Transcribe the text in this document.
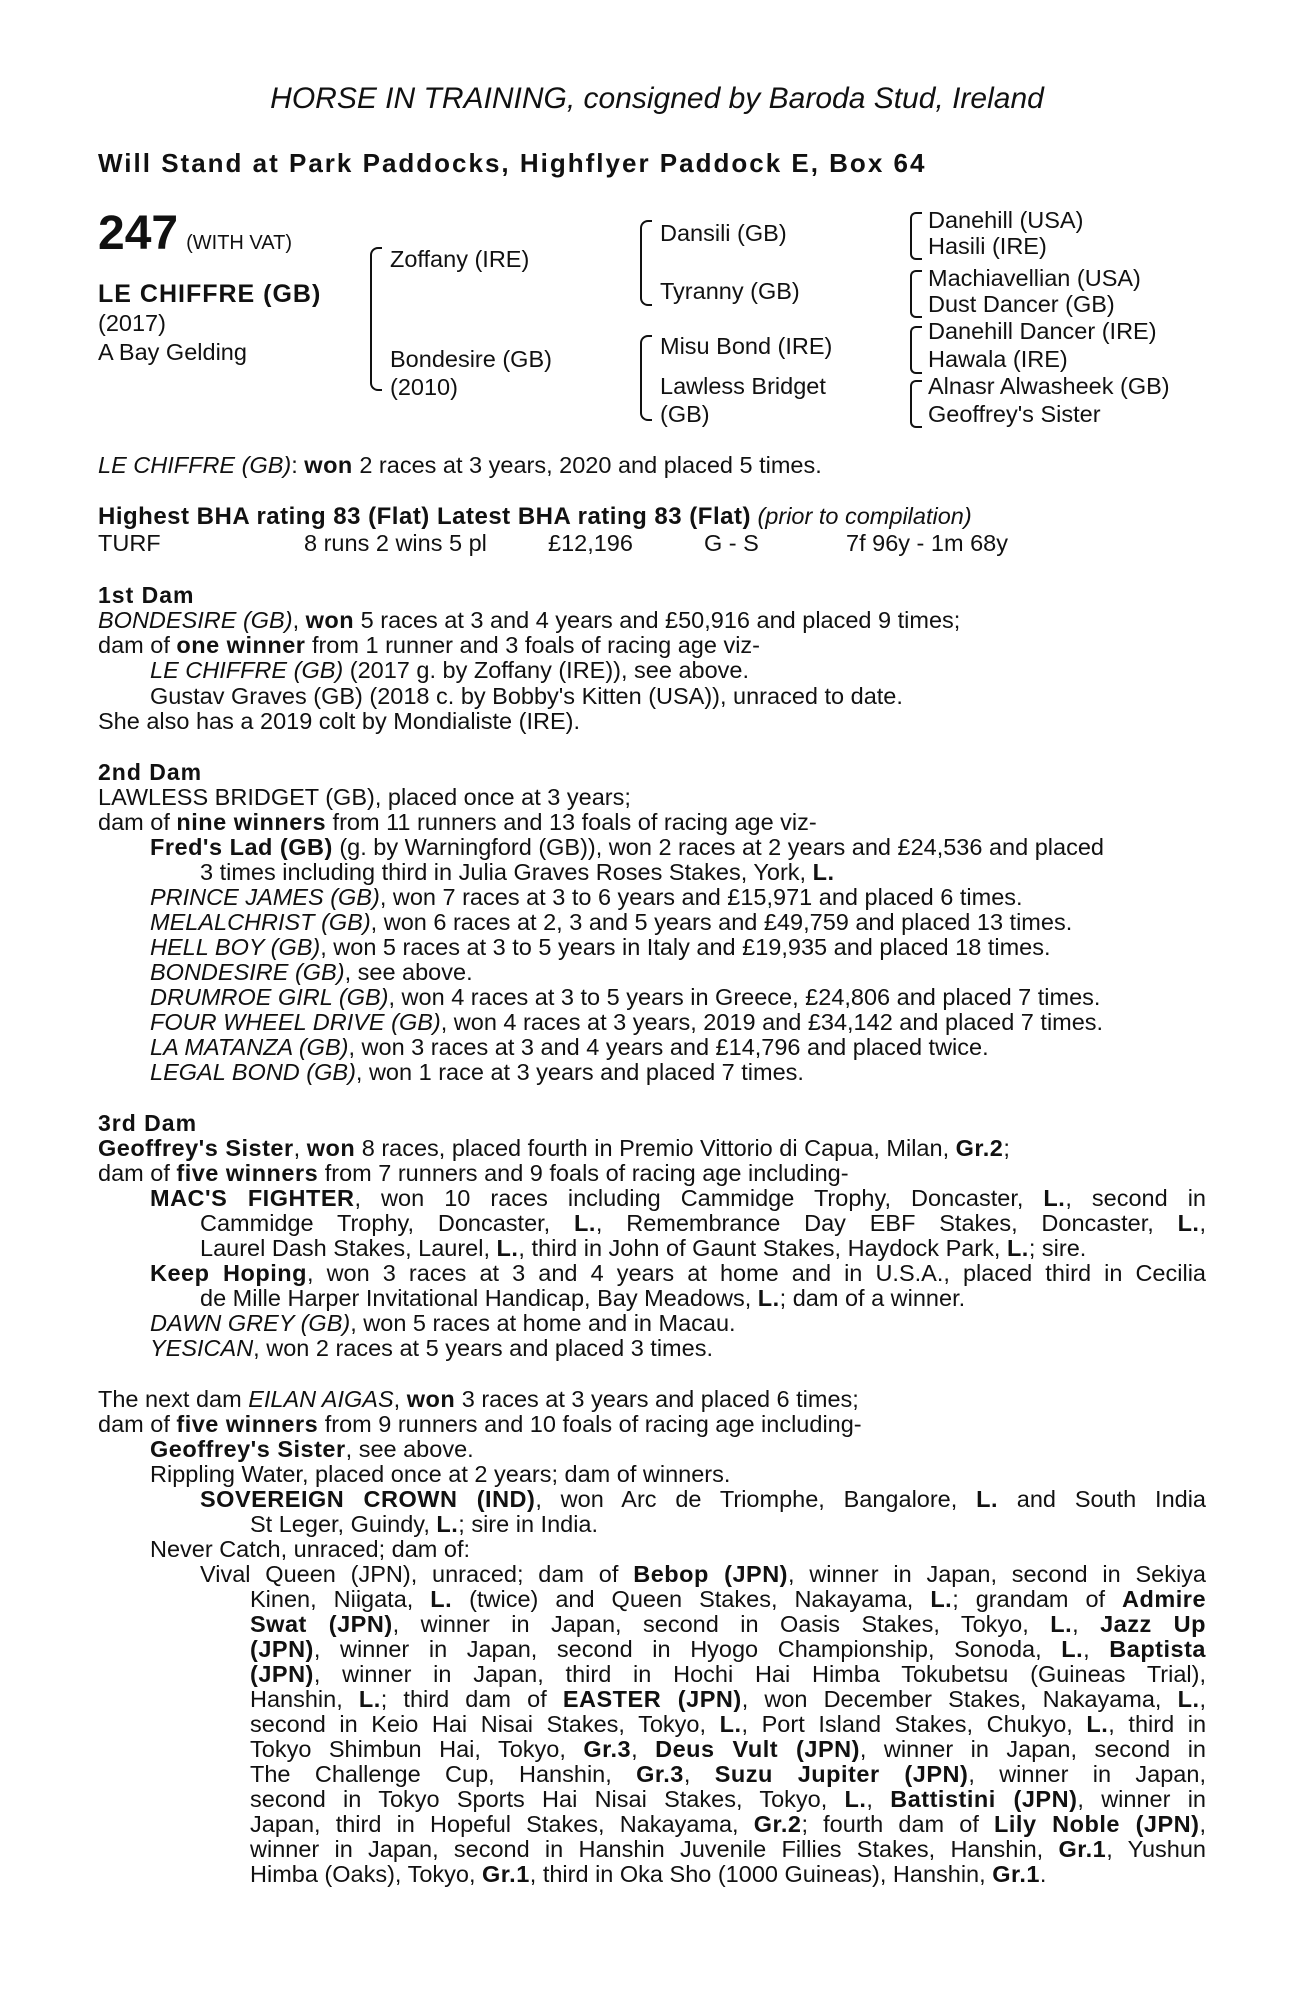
HORSE IN TRAINING, consigned by Baroda Stud, Ireland
Will Stand at Park Paddocks, Highflyer Paddock E, Box 64
247 (WITH VAT)
LE CHIFFRE (GB)
(2017)
A Bay Gelding
Zoffany (IRE)
Bondesire (GB)
(2010)
Dansili (GB)
Tyranny (GB)
Misu Bond (IRE)
Lawless Bridget
(GB)
Danehill (USA)
Hasili (IRE)
Machiavellian (USA)
Dust Dancer (GB)
Danehill Dancer (IRE)
Hawala (IRE)
Alnasr Alwasheek (GB)
Geoffrey's Sister
LE CHIFFRE (GB): won 2 races at 3 years, 2020 and placed 5 times.
Highest BHA rating 83 (Flat) Latest BHA rating 83 (Flat) (prior to compilation)
TURF	8 runs 2 wins 5 pl	£12,196	G - S	7f 96y - 1m 68y
1st Dam
BONDESIRE (GB), won 5 races at 3 and 4 years and £50,916 and placed 9 times;
dam of one winner from 1 runner and 3 foals of racing age viz-
LE CHIFFRE (GB) (2017 g. by Zoffany (IRE)), see above.
Gustav Graves (GB) (2018 c. by Bobby's Kitten (USA)), unraced to date.
She also has a 2019 colt by Mondialiste (IRE).
2nd Dam
LAWLESS BRIDGET (GB), placed once at 3 years;
dam of nine winners from 11 runners and 13 foals of racing age viz-
Fred's Lad (GB) (g. by Warningford (GB)), won 2 races at 2 years and £24,536 and placed
3 times including third in Julia Graves Roses Stakes, York, L.
PRINCE JAMES (GB), won 7 races at 3 to 6 years and £15,971 and placed 6 times.
MELALCHRIST (GB), won 6 races at 2, 3 and 5 years and £49,759 and placed 13 times.
HELL BOY (GB), won 5 races at 3 to 5 years in Italy and £19,935 and placed 18 times.
BONDESIRE (GB), see above.
DRUMROE GIRL (GB), won 4 races at 3 to 5 years in Greece, £24,806 and placed 7 times.
FOUR WHEEL DRIVE (GB), won 4 races at 3 years, 2019 and £34,142 and placed 7 times.
LA MATANZA (GB), won 3 races at 3 and 4 years and £14,796 and placed twice.
LEGAL BOND (GB), won 1 race at 3 years and placed 7 times.
3rd Dam
Geoffrey's Sister, won 8 races, placed fourth in Premio Vittorio di Capua, Milan, Gr.2;
dam of five winners from 7 runners and 9 foals of racing age including-
MAC'S FIGHTER, won 10 races including Cammidge Trophy, Doncaster, L., second in
Cammidge Trophy, Doncaster, L., Remembrance Day EBF Stakes, Doncaster, L.,
Laurel Dash Stakes, Laurel, L., third in John of Gaunt Stakes, Haydock Park, L.; sire.
Keep Hoping, won 3 races at 3 and 4 years at home and in U.S.A., placed third in Cecilia
de Mille Harper Invitational Handicap, Bay Meadows, L.; dam of a winner.
DAWN GREY (GB), won 5 races at home and in Macau.
YESICAN, won 2 races at 5 years and placed 3 times.
The next dam EILAN AIGAS, won 3 races at 3 years and placed 6 times;
dam of five winners from 9 runners and 10 foals of racing age including-
Geoffrey's Sister, see above.
Rippling Water, placed once at 2 years; dam of winners.
SOVEREIGN CROWN (IND), won Arc de Triomphe, Bangalore, L. and South India
St Leger, Guindy, L.; sire in India.
Never Catch, unraced; dam of:
Vival Queen (JPN), unraced; dam of Bebop (JPN), winner in Japan, second in Sekiya
Kinen, Niigata, L. (twice) and Queen Stakes, Nakayama, L.; grandam of Admire
Swat (JPN), winner in Japan, second in Oasis Stakes, Tokyo, L., Jazz Up
(JPN), winner in Japan, second in Hyogo Championship, Sonoda, L., Baptista
(JPN), winner in Japan, third in Hochi Hai Himba Tokubetsu (Guineas Trial),
Hanshin, L.; third dam of EASTER (JPN), won December Stakes, Nakayama, L.,
second in Keio Hai Nisai Stakes, Tokyo, L., Port Island Stakes, Chukyo, L., third in
Tokyo Shimbun Hai, Tokyo, Gr.3, Deus Vult (JPN), winner in Japan, second in
The Challenge Cup, Hanshin, Gr.3, Suzu Jupiter (JPN), winner in Japan,
second in Tokyo Sports Hai Nisai Stakes, Tokyo, L., Battistini (JPN), winner in
Japan, third in Hopeful Stakes, Nakayama, Gr.2; fourth dam of Lily Noble (JPN),
winner in Japan, second in Hanshin Juvenile Fillies Stakes, Hanshin, Gr.1, Yushun
Himba (Oaks), Tokyo, Gr.1, third in Oka Sho (1000 Guineas), Hanshin, Gr.1.
